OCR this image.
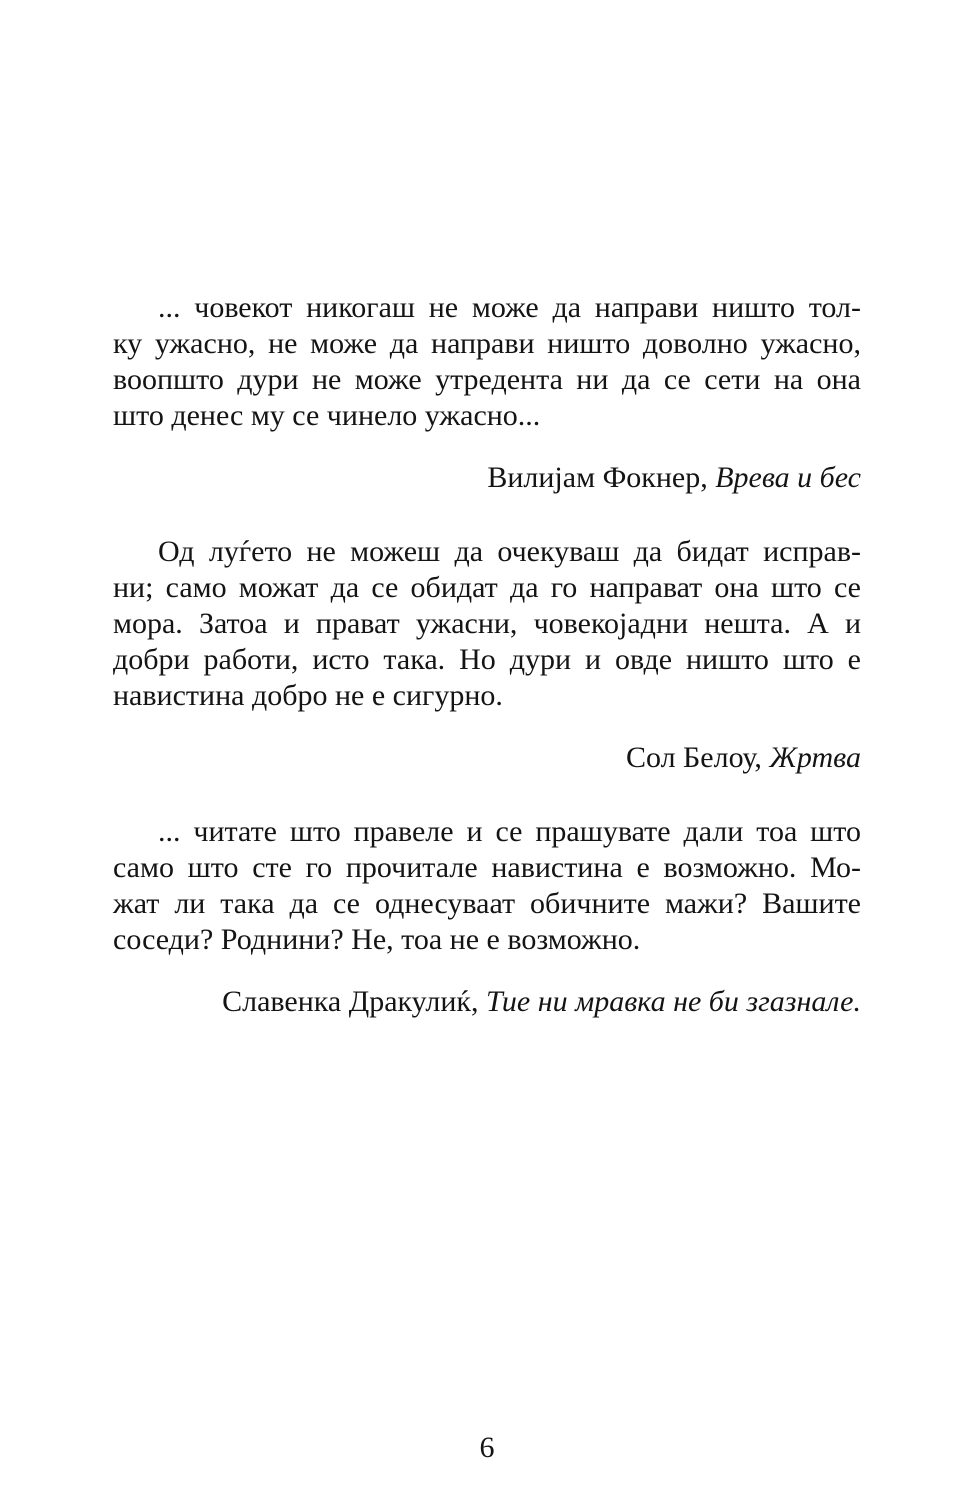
... човекот никогаш не може да направи ништо тол-
ку ужасно, не може да направи ништо доволно ужасно,
воопшто дури не може утредента ни да се сети на она
што денес му се чинело ужасно...

Вилијам Фокнер, Врева и бес

Од луѓето не можеш да очекуваш да бидат исправ-
ни; само можат да се обидат да го направат она што се
мора. Затоа и прават ужасни, човекојадни нешта. А и
добри работи, исто така. Но дури и овде ништо што е
навистина добро не е сигурно.

Сол Белоу, Жртва

... читате што правеле и се прашувате дали тоа што
само што сте го прочитале навистина е возможно. Мо-
жат ли така да се однесуваат обичните мажи? Вашите
соседи? Роднини? Не, тоа не е возможно.

Славенка Дракулиќ, Тие ни мравка не би згазнале.

6
